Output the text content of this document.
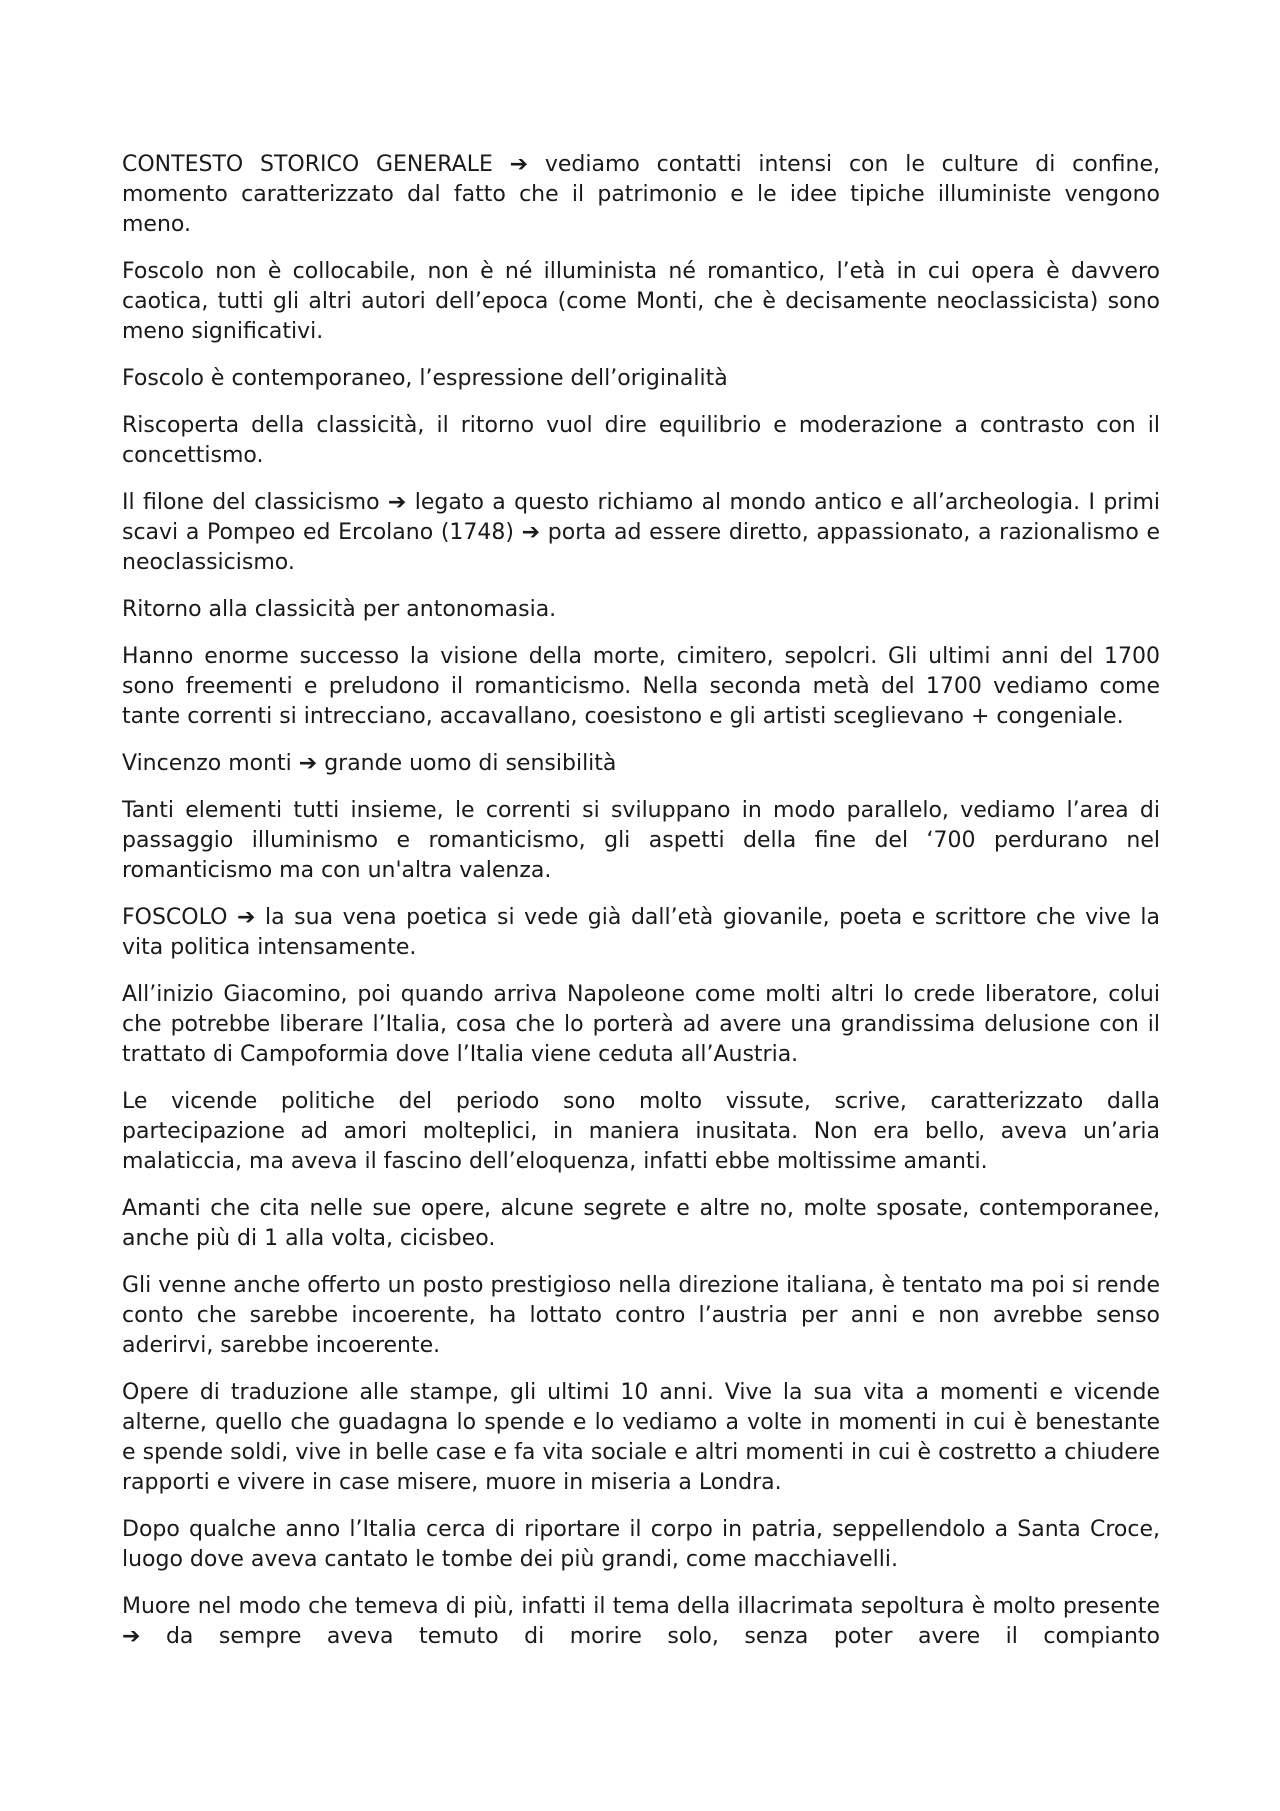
CONTESTO STORICO GENERALE ➔ vediamo contatti intensi con le culture di confine, momento caratterizzato dal fatto che il patrimonio e le idee tipiche illuministe vengono meno.

Foscolo non è collocabile, non è né illuminista né romantico, l’età in cui opera è davvero caotica, tutti gli altri autori dell’epoca (come Monti, che è decisamente neoclassicista) sono meno significativi.

Foscolo è contemporaneo, l’espressione dell’originalità

Riscoperta della classicità, il ritorno vuol dire equilibrio e moderazione a contrasto con il concettismo.

Il filone del classicismo ➔ legato a questo richiamo al mondo antico e all’archeologia. I primi scavi a Pompeo ed Ercolano (1748) ➔ porta ad essere diretto, appassionato, a razionalismo e neoclassicismo.

Ritorno alla classicità per antonomasia.

Hanno enorme successo la visione della morte, cimitero, sepolcri. Gli ultimi anni del 1700 sono freementi e preludono il romanticismo. Nella seconda metà del 1700 vediamo come tante correnti si intrecciano, accavallano, coesistono e gli artisti sceglievano + congeniale.

Vincenzo monti ➔ grande uomo di sensibilità

Tanti elementi tutti insieme, le correnti si sviluppano in modo parallelo, vediamo l’area di passaggio illuminismo e romanticismo, gli aspetti della fine del ‘700 perdurano nel romanticismo ma con un'altra valenza.

FOSCOLO ➔ la sua vena poetica si vede già dall’età giovanile, poeta e scrittore che vive la vita politica intensamente.

All’inizio Giacomino, poi quando arriva Napoleone come molti altri lo crede liberatore, colui che potrebbe liberare l’Italia, cosa che lo porterà ad avere una grandissima delusione con il trattato di Campoformia dove l’Italia viene ceduta all’Austria.

Le vicende politiche del periodo sono molto vissute, scrive, caratterizzato dalla partecipazione ad amori molteplici, in maniera inusitata. Non era bello, aveva un’aria malaticcia, ma aveva il fascino dell’eloquenza, infatti ebbe moltissime amanti.

Amanti che cita nelle sue opere, alcune segrete e altre no, molte sposate, contemporanee, anche più di 1 alla volta, cicisbeo.

Gli venne anche offerto un posto prestigioso nella direzione italiana, è tentato ma poi si rende conto che sarebbe incoerente, ha lottato contro l’austria per anni e non avrebbe senso aderirvi, sarebbe incoerente.

Opere di traduzione alle stampe, gli ultimi 10 anni. Vive la sua vita a momenti e vicende alterne, quello che guadagna lo spende e lo vediamo a volte in momenti in cui è benestante e spende soldi, vive in belle case e fa vita sociale e altri momenti in cui è costretto a chiudere rapporti e vivere in case misere, muore in miseria a Londra.

Dopo qualche anno l’Italia cerca di riportare il corpo in patria, seppellendolo a Santa Croce, luogo dove aveva cantato le tombe dei più grandi, come macchiavelli.

Muore nel modo che temeva di più, infatti il tema della illacrimata sepoltura è molto presente ➔ da sempre aveva temuto di morire solo, senza poter avere il compianto
